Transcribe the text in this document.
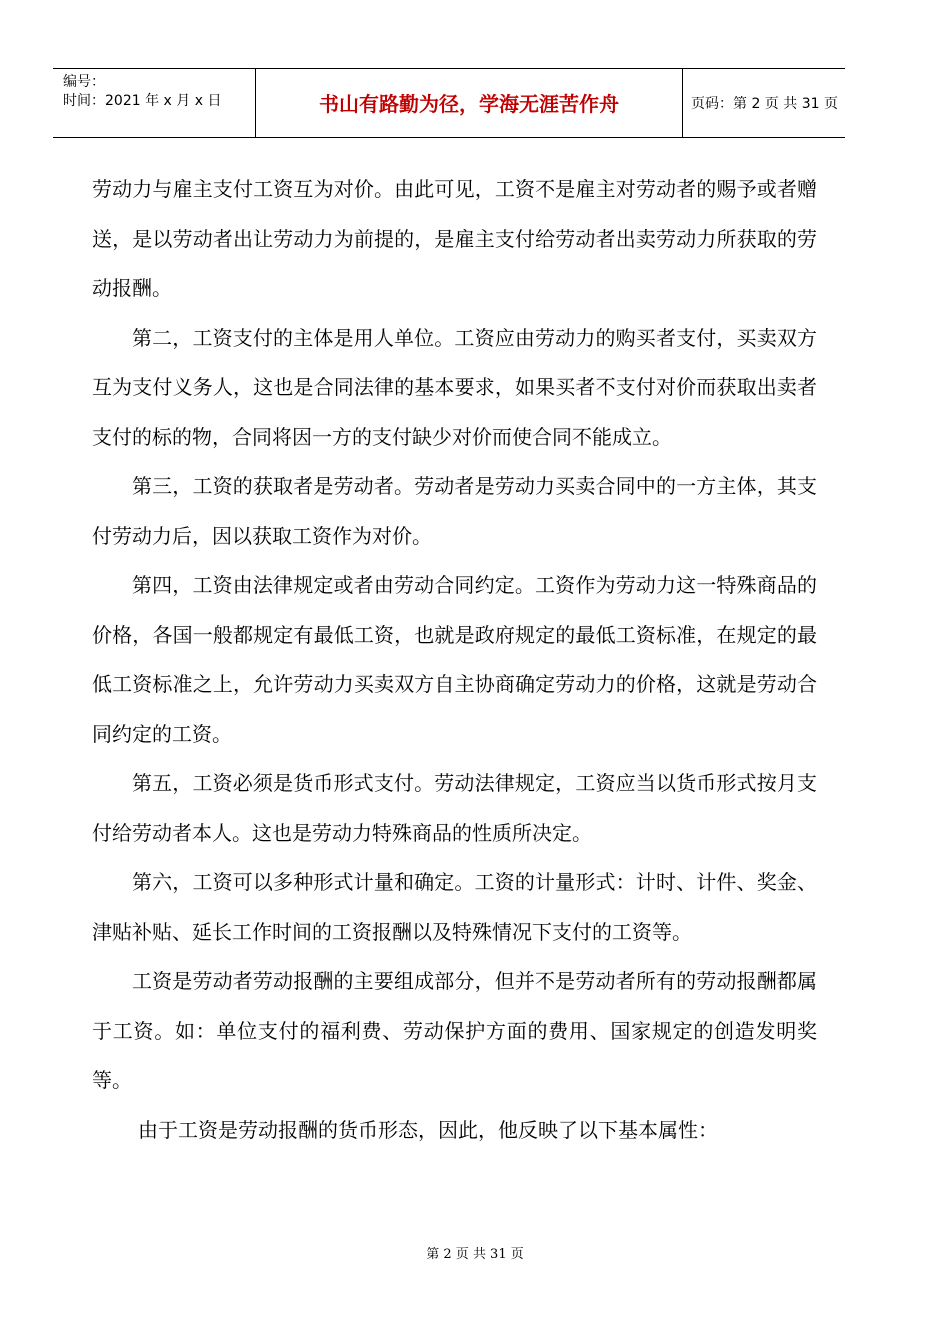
编号：
时间：2021 年 x 月 x 日	书山有路勤为径，学海无涯苦作舟	页码：第 2 页 共 31 页

劳动力与雇主支付工资互为对价。由此可见，工资不是雇主对劳动者的赐予或者赠送，是以劳动者出让劳动力为前提的，是雇主支付给劳动者出卖劳动力所获取的劳动报酬。

第二，工资支付的主体是用人单位。工资应由劳动力的购买者支付，买卖双方互为支付义务人，这也是合同法律的基本要求，如果买者不支付对价而获取出卖者支付的标的物，合同将因一方的支付缺少对价而使合同不能成立。

第三，工资的获取者是劳动者。劳动者是劳动力买卖合同中的一方主体，其支付劳动力后，因以获取工资作为对价。

第四，工资由法律规定或者由劳动合同约定。工资作为劳动力这一特殊商品的价格，各国一般都规定有最低工资，也就是政府规定的最低工资标准，在规定的最低工资标准之上，允许劳动力买卖双方自主协商确定劳动力的价格，这就是劳动合同约定的工资。

第五，工资必须是货币形式支付。劳动法律规定，工资应当以货币形式按月支付给劳动者本人。这也是劳动力特殊商品的性质所决定。

第六，工资可以多种形式计量和确定。工资的计量形式：计时、计件、奖金、津贴补贴、延长工作时间的工资报酬以及特殊情况下支付的工资等。

工资是劳动者劳动报酬的主要组成部分，但并不是劳动者所有的劳动报酬都属于工资。如：单位支付的福利费、劳动保护方面的费用、国家规定的创造发明奖等。

由于工资是劳动报酬的货币形态，因此，他反映了以下基本属性：

第 2 页 共 31 页
